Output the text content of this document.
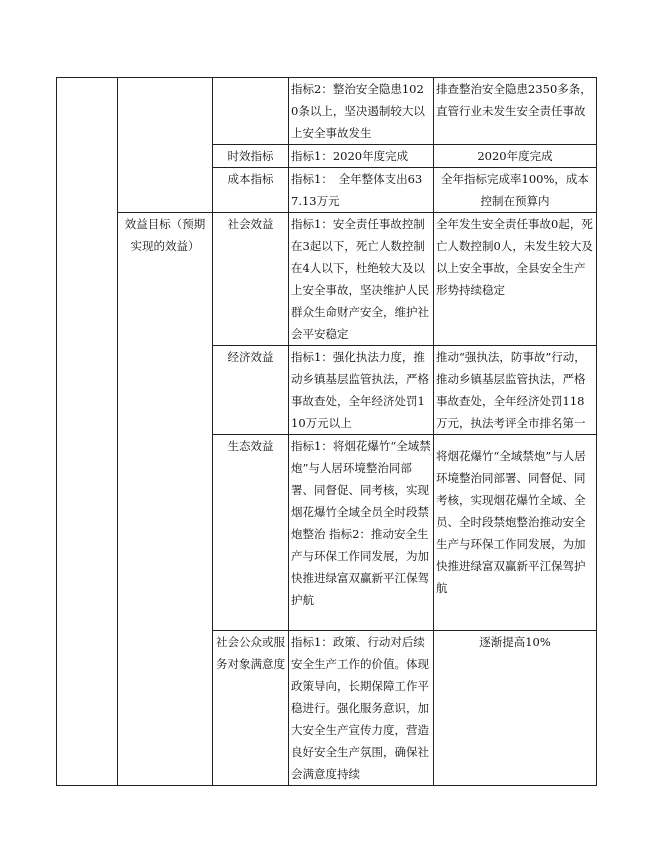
			指标2：整治安全隐患1020条以上，坚决遏制较大以上安全事故发生	排查整治安全隐患2350多条，直管行业未发生安全责任事故
		时效指标	指标1：2020年度完成	2020年度完成
		成本指标	指标1：　全年整体支出637.13万元	全年指标完成率100%，成本控制在预算内
	效益目标（预期实现的效益）	社会效益	指标1：安全责任事故控制在3起以下，死亡人数控制在4人以下，杜绝较大及以上安全事故，坚决维护人民群众生命财产安全，维护社会平安稳定	全年发生安全责任事故0起，死亡人数控制0人，未发生较大及以上安全事故，全县安全生产形势持续稳定
		经济效益	指标1：强化执法力度，推动乡镇基层监管执法，严格事故查处，全年经济处罚110万元以上	推动“强执法，防事故”行动，推动乡镇基层监管执法，严格事故查处，全年经济处罚118万元，执法考评全市排名第一
		生态效益	指标1：将烟花爆竹“全域禁炮”与人居环境整治同部署、同督促、同考核，实现烟花爆竹全域全员全时段禁炮整治 指标2：推动安全生产与环保工作同发展，为加快推进绿富双赢新平江保驾护航	将烟花爆竹“全域禁炮”与人居环境整治同部署、同督促、同考核，实现烟花爆竹全域、全员、全时段禁炮整治推动安全生产与环保工作同发展，为加快推进绿富双赢新平江保驾护航
		社会公众或服务对象满意度	指标1：政策、行动对后续安全生产工作的价值。体现政策导向，长期保障工作平稳进行。强化服务意识，加大安全生产宣传力度，营造良好安全生产氛围，确保社会满意度持续	逐渐提高10%
